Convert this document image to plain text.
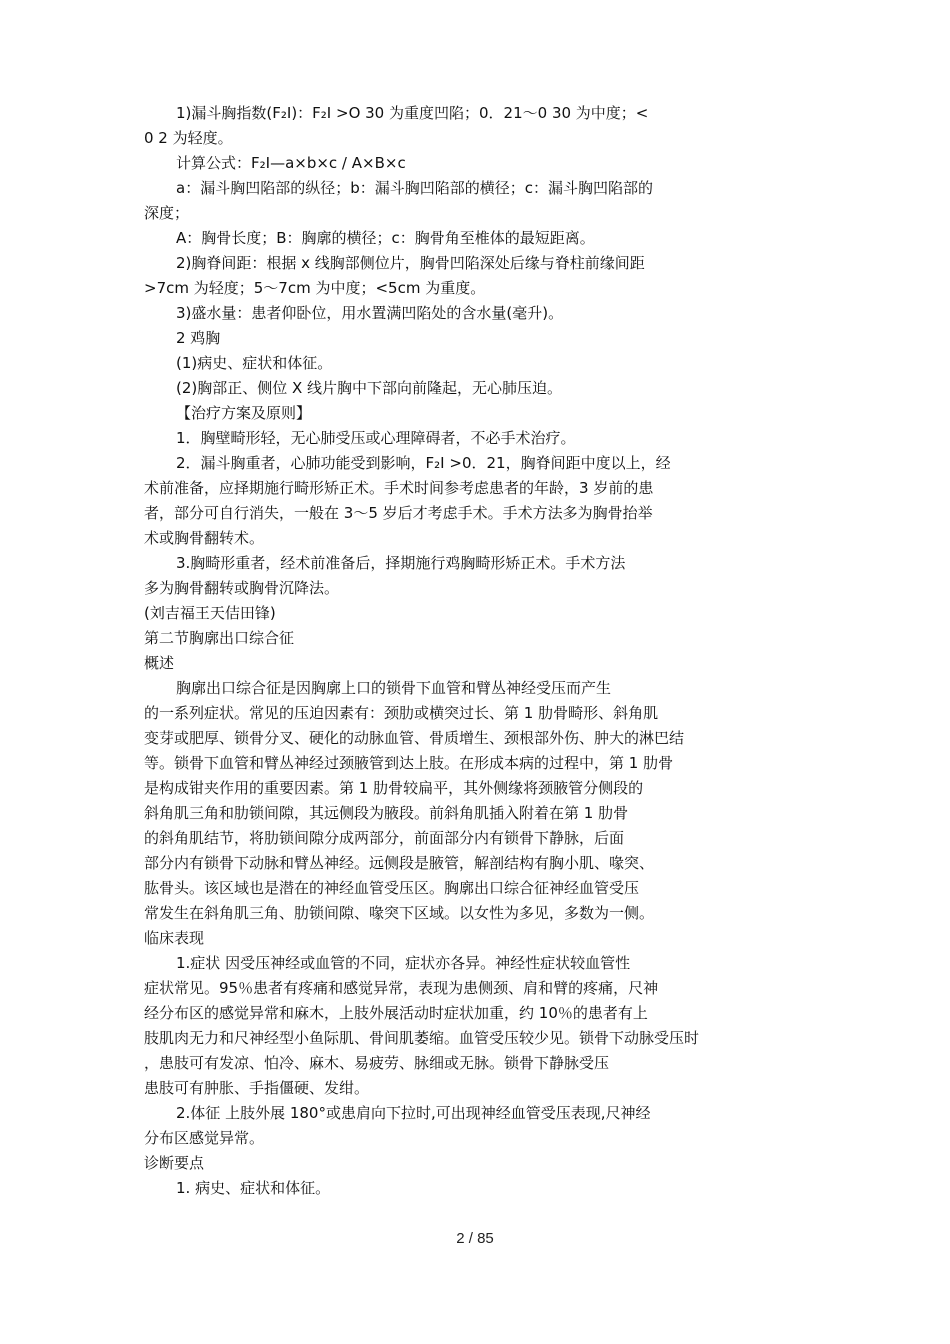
1)漏斗胸指数(F₂I)：F₂I >O 30 为重度凹陷；0．21～0 30 为中度；<
0 2 为轻度。
计算公式：F₂I—a×b×c / A×B×c
a：漏斗胸凹陷部的纵径；b：漏斗胸凹陷部的横径；c：漏斗胸凹陷部的
深度；
A：胸骨长度；B：胸廓的横径；c：胸骨角至椎体的最短距离。
2)胸脊间距：根据 x 线胸部侧位片，胸骨凹陷深处后缘与脊柱前缘间距
>7cm 为轻度；5～7cm 为中度；<5cm 为重度。
3)盛水量：患者仰卧位，用水置满凹陷处的含水量(毫升)。
2 鸡胸
(1)病史、症状和体征。
(2)胸部正、侧位 X 线片胸中下部向前隆起，无心肺压迫。
【治疗方案及原则】
1．胸壁畸形轻，无心肺受压或心理障碍者，不必手术治疗。
2．漏斗胸重者，心肺功能受到影响，F₂I >0．21，胸脊间距中度以上，经
术前准备，应择期施行畸形矫正术。手术时间参考虑患者的年龄，3 岁前的患
者，部分可自行消失，一般在 3～5 岁后才考虑手术。手术方法多为胸骨抬举
术或胸骨翻转术。
3.胸畸形重者，经术前准备后，择期施行鸡胸畸形矫正术。手术方法
多为胸骨翻转或胸骨沉降法。
(刘吉福王天佶田锋)
第二节胸廓出口综合征
概述
胸廓出口综合征是因胸廓上口的锁骨下血管和臂丛神经受压而产生
的一系列症状。常见的压迫因素有：颈肋或横突过长、第 1 肋骨畸形、斜角肌
变芽或肥厚、锁骨分叉、硬化的动脉血管、骨质增生、颈根部外伤、肿大的淋巴结
等。锁骨下血管和臂丛神经过颈腋管到达上肢。在形成本病的过程中，第 1 肋骨
是构成钳夹作用的重要因素。第 1 肋骨较扁平，其外侧缘将颈腋管分侧段的
斜角肌三角和肋锁间隙，其远侧段为腋段。前斜角肌插入附着在第 1 肋骨
的斜角肌结节，将肋锁间隙分成两部分，前面部分内有锁骨下静脉，后面
部分内有锁骨下动脉和臂丛神经。远侧段是腋管，解剖结构有胸小肌、喙突、
肱骨头。该区域也是潜在的神经血管受压区。胸廓出口综合征神经血管受压
常发生在斜角肌三角、肋锁间隙、喙突下区域。以女性为多见，多数为一侧。
临床表现
1.症状 因受压神经或血管的不同，症状亦各异。神经性症状较血管性
症状常见。95％患者有疼痛和感觉异常，表现为患侧颈、肩和臂的疼痛，尺神
经分布区的感觉异常和麻木，上肢外展活动时症状加重，约 10％的患者有上
肢肌肉无力和尺神经型小鱼际肌、骨间肌萎缩。血管受压较少见。锁骨下动脉受压时
，患肢可有发凉、怕冷、麻木、易疲劳、脉细或无脉。锁骨下静脉受压
患肢可有肿胀、手指僵硬、发绀。
2.体征 上肢外展 180°或患肩向下拉时,可出现神经血管受压表现,尺神经
分布区感觉异常。
诊断要点
1. 病史、症状和体征。
2 / 85
